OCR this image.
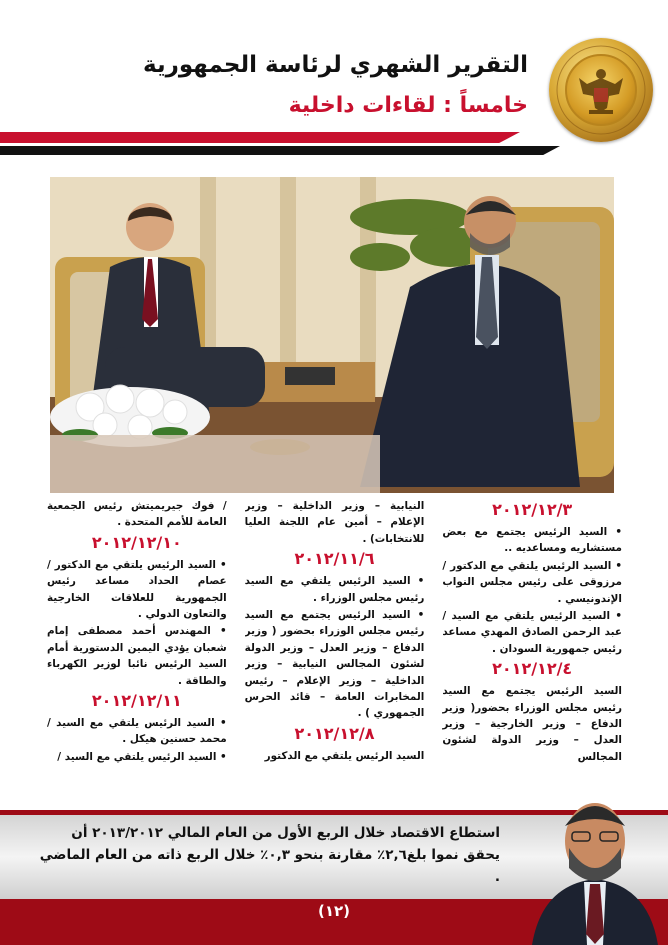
التقرير الشهري لرئاسة الجمهورية
خامساً : لقاءات داخلية
٢٠١٢/١٢/٣
• السيد الرئيس يجتمع مع بعض مستشاريه ومساعديه ..
• السيد الرئيس يلتقي مع الدكتور / مرزوقى على رئيس مجلس النواب الإندونيسي .
• السيد الرئيس يلتقي مع السيد / عبد الرحمن الصادق المهدي مساعد رئيس جمهورية السودان .
٢٠١٢/١٢/٤
السيد الرئيس يجتمع مع السيد رئيس مجلس الوزراء بحضور( وزير الدفاع – وزير الخارجية – وزير العدل – وزير الدولة لشئون المجالس
النيابية – وزير الداخلية – وزير الإعلام – أمين عام اللجنة العليا للانتخابات) .
٢٠١٢/١١/٦
• السيد الرئيس يلتقي مع السيد رئيس مجلس الوزراء .
• السيد الرئيس يجتمع مع السيد رئيس مجلس الوزراء بحضور ( وزير الدفاع – وزير العدل – وزير الدولة لشئون المجالس النيابية – وزير الداخلية – وزير الإعلام – رئيس المخابرات العامة – قائد الحرس الجمهوري ) .
٢٠١٢/١٢/٨
السيد الرئيس يلتقي مع الدكتور
/ فوك جيريميتش رئيس الجمعية العامة للأمم المتحدة .
٢٠١٢/١٢/١٠
• السيد الرئيس يلتقي مع الدكتور / عصام الحداد مساعد رئيس الجمهورية للعلاقات الخارجية والتعاون الدولي .
• المهندس أحمد مصطفى إمام شعبان يؤدي اليمين الدستورية أمام السيد الرئيس نائبا لوزير الكهرباء والطاقة .
٢٠١٢/١٢/١١
• السيد الرئيس يلتقي مع السيد / محمد حسنين هيكل .
• السيد الرئيس يلتقي مع السيد /
استطاع الاقتصاد خلال الربع الأول من العام المالي ٢٠١٣/٢٠١٢ أن يحقق نموا بلغ٢,٦٪ مقارنة بنحو ٠,٣٪ خلال الربع ذاته من العام الماضي .
(١٢)
